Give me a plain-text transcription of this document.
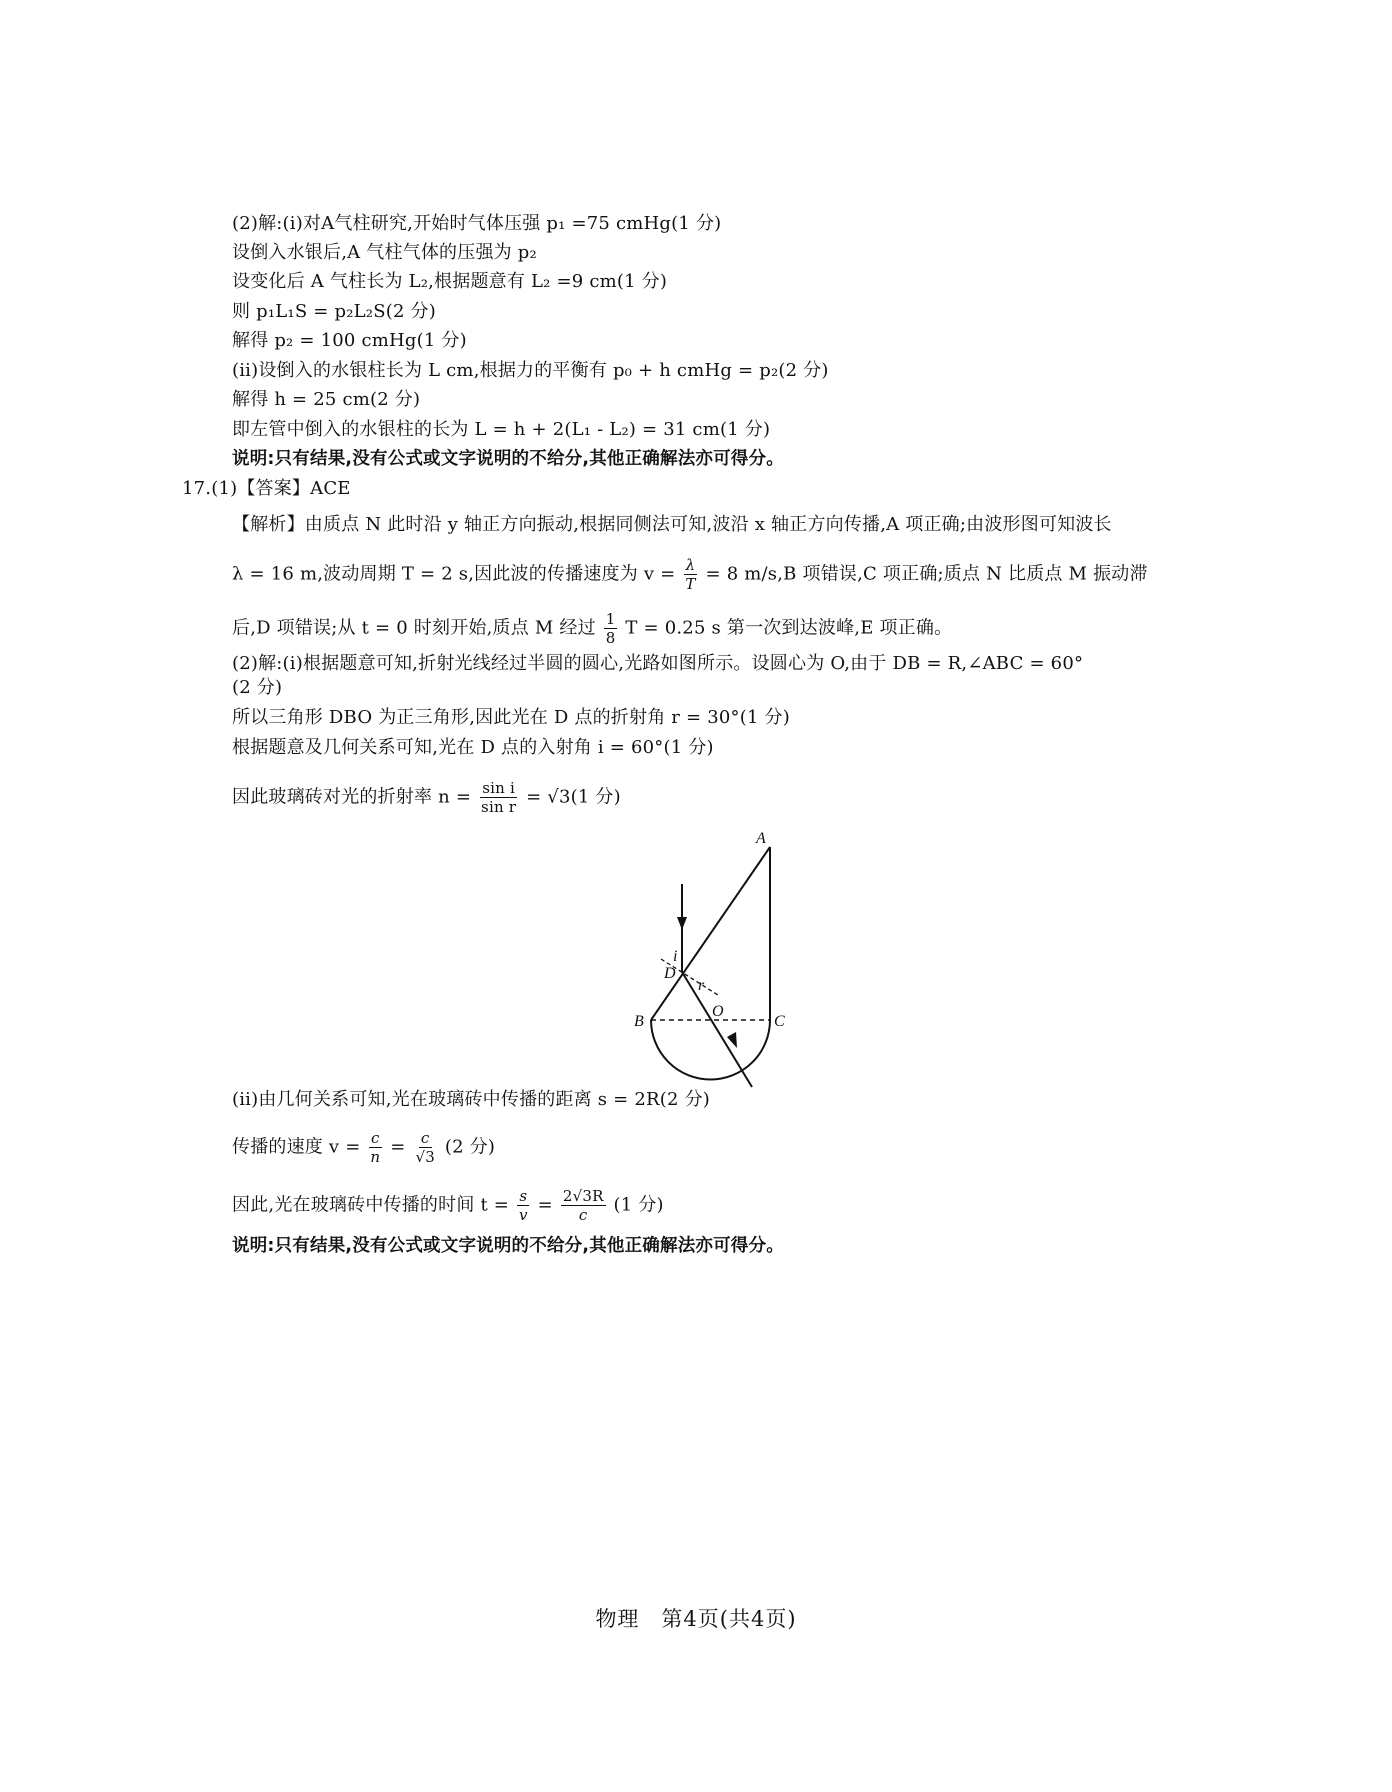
(2)解:(i)对A气柱研究,开始时气体压强 p₁ =75 cmHg(1 分)
设倒入水银后,A 气柱气体的压强为 p₂
设变化后 A 气柱长为 L₂,根据题意有 L₂ =9 cm(1 分)
则 p₁L₁S = p₂L₂S(2 分)
解得 p₂ = 100 cmHg(1 分)
(ii)设倒入的水银柱长为 L cm,根据力的平衡有 p₀ + h cmHg = p₂(2 分)
解得 h = 25 cm(2 分)
即左管中倒入的水银柱的长为 L = h + 2(L₁ - L₂) = 31 cm(1 分)
说明:只有结果,没有公式或文字说明的不给分,其他正确解法亦可得分。
17.(1)【答案】ACE
【解析】由质点 N 此时沿 y 轴正方向振动,根据同侧法可知,波沿 x 轴正方向传播,A 项正确;由波形图可知波长
λ = 16 m,波动周期 T = 2 s,因此波的传播速度为 $v = \frac{\lambda}{T} = 8$ m/s,B 项错误,C 项正确;质点 N 比质点 M 振动滞
后,D 项错误;从 t = 0 时刻开始,质点 M 经过 $\frac{1}{8}$ T = 0.25 s 第一次到达波峰,E 项正确。
(2)解:(i)根据题意可知,折射光线经过半圆的圆心,光路如图所示。设圆心为 O,由于 DB = R,∠ABC = 60°
(2 分)
所以三角形 DBO 为正三角形,因此光在 D 点的折射角 r = 30°(1 分)
根据题意及几何关系可知,光在 D 点的入射角 i = 60°(1 分)
因此玻璃砖对光的折射率 $n = \frac{\text{sin i}}{\text{sin r}} = √3(1$ 分)
A
B	C
D
O
i
r
(ii)由几何关系可知,光在玻璃砖中传播的距离 s = 2R(2 分)
传播的速度 $v = \frac{c}{n} = \frac{c}{√3} (2$ 分)
因此,光在玻璃砖中传播的时间 $t = \frac{s}{v} = \frac{2√3R}{c} (1$ 分)
说明:只有结果,没有公式或文字说明的不给分,其他正确解法亦可得分。
物理　第4页(共4页)
